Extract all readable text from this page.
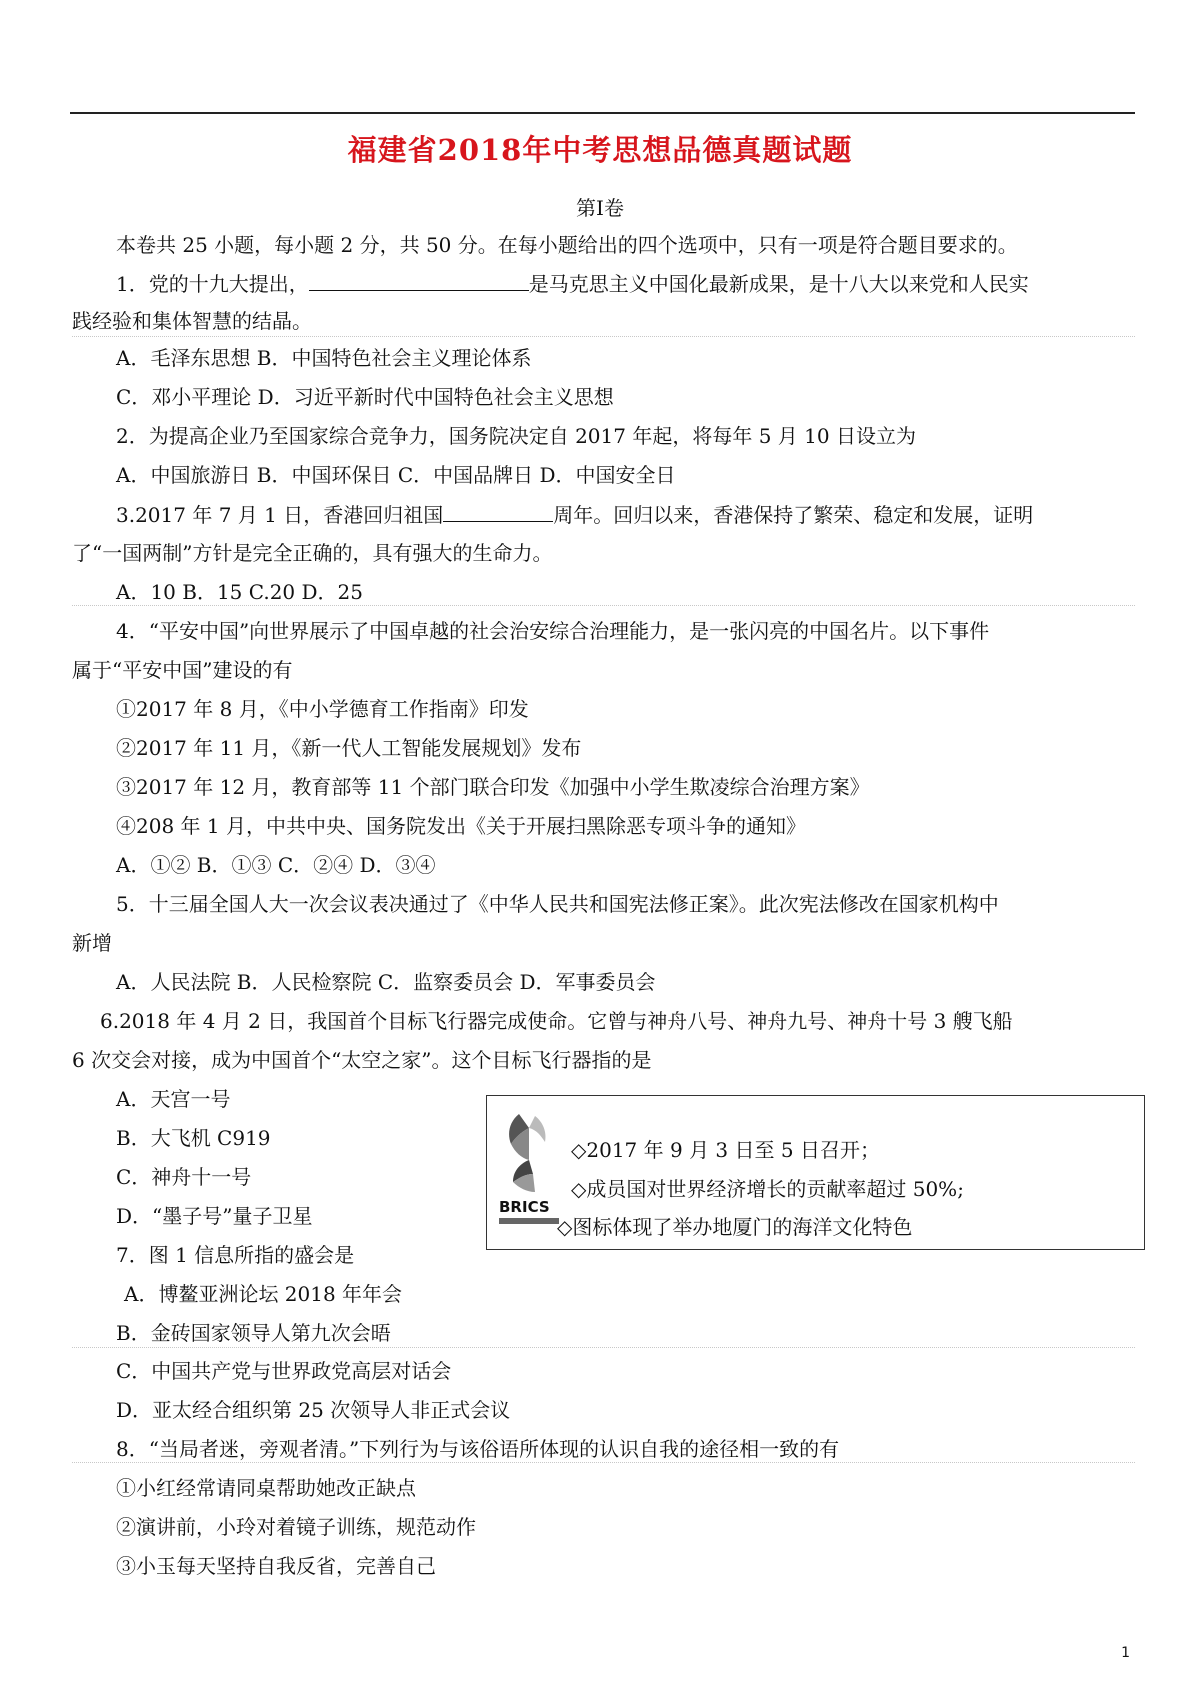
福建省2018年中考思想品德真题试题
第Ⅰ卷
本卷共 25 小题，每小题 2 分，共 50 分。在每小题给出的四个选项中，只有一项是符合题目要求的。
1．党的十九大提出，	是马克思主义中国化最新成果，是十八大以来党和人民实
践经验和集体智慧的结晶。
A．毛泽东思想 B．中国特色社会主义理论体系
C．邓小平理论 D．习近平新时代中国特色社会主义思想
2．为提高企业乃至国家综合竞争力，国务院决定自 2017 年起，将每年 5 月 10 日设立为
A．中国旅游日 B．中国环保日 C．中国品牌日 D．中国安全日
3.2017 年 7 月 1 日，香港回归祖国	周年。回归以来，香港保持了繁荣、稳定和发展，证明
了“一国两制”方针是完全正确的，具有强大的生命力。
A．10 B．15 C.20 D．25
4．“平安中国”向世界展示了中国卓越的社会治安综合治理能力，是一张闪亮的中国名片。以下事件
属于“平安中国”建设的有
①2017 年 8 月，《中小学德育工作指南》印发
②2017 年 11 月，《新一代人工智能发展规划》发布
③2017 年 12 月，教育部等 11 个部门联合印发《加强中小学生欺凌综合治理方案》
④208 年 1 月，中共中央、国务院发出《关于开展扫黑除恶专项斗争的通知》
A．①② B．①③ C．②④ D．③④
5．十三届全国人大一次会议表决通过了《中华人民共和国宪法修正案》。此次宪法修改在国家机构中
新增
A．人民法院 B．人民检察院 C．监察委员会 D．军事委员会
6.2018 年 4 月 2 日，我国首个目标飞行器完成使命。它曾与神舟八号、神舟九号、神舟十号 3 艘飞船
6 次交会对接，成为中国首个“太空之家”。这个目标飞行器指的是
A．天宫一号
B．大飞机 C919
C．神舟十一号
D．“墨子号”量子卫星	BRICS
◇2017 年 9 月 3 日至 5 日召开；
◇成员国对世界经济增长的贡献率超过 50%;
◇图标体现了举办地厦门的海洋文化特色
7．图 1 信息所指的盛会是
A．博鳌亚洲论坛 2018 年年会
B．金砖国家领导人第九次会晤
C．中国共产党与世界政党高层对话会
D．亚太经合组织第 25 次领导人非正式会议
8．“当局者迷，旁观者清。”下列行为与该俗语所体现的认识自我的途径相一致的有
①小红经常请同桌帮助她改正缺点
②演讲前，小玲对着镜子训练，规范动作
③小玉每天坚持自我反省，完善自己
1
